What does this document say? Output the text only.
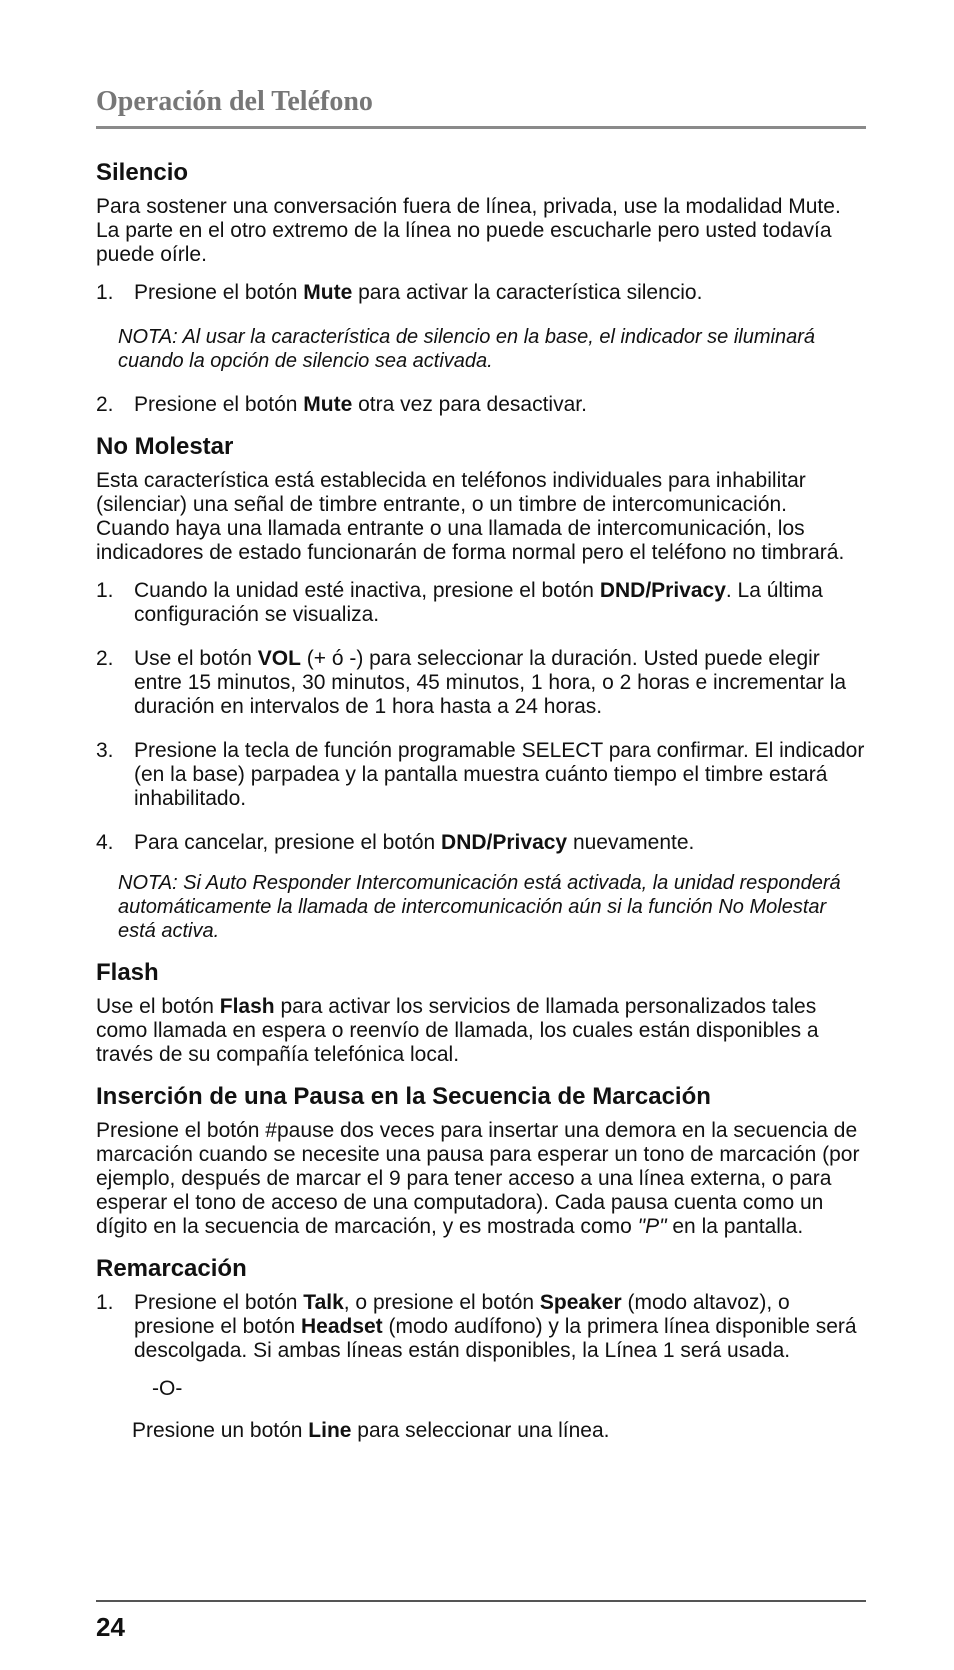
Operación del Teléfono
Silencio

Para sostener una conversación fuera de línea, privada, use la modalidad Mute. La parte en el otro extremo de la línea no puede escucharle pero usted todavía puede oírle.

1. Presione el botón Mute para activar la característica silencio.

NOTA: Al usar la característica de silencio en la base, el indicador se iluminará cuando la opción de silencio sea activada.

2. Presione el botón Mute otra vez para desactivar.
No Molestar

Esta característica está establecida en teléfonos individuales para inhabilitar (silenciar) una señal de timbre entrante, o un timbre de intercomunicación. Cuando haya una llamada entrante o una llamada de intercomunicación, los indicadores de estado funcionarán de forma normal pero el teléfono no timbrará.

1. Cuando la unidad esté inactiva, presione el botón DND/Privacy. La última configuración se visualiza.
2. Use el botón VOL (+ ó -) para seleccionar la duración. Usted puede elegir entre 15 minutos, 30 minutos, 45 minutos, 1 hora, o 2 horas e incrementar la duración en intervalos de 1 hora hasta a 24 horas.
3. Presione la tecla de función programable SELECT para confirmar. El indicador (en la base) parpadea y la pantalla muestra cuánto tiempo el timbre estará inhabilitado.
4. Para cancelar, presione el botón DND/Privacy nuevamente.

NOTA: Si Auto Responder Intercomunicación está activada, la unidad responderá automáticamente la llamada de intercomunicación aún si la función No Molestar está activa.

Flash

Use el botón Flash para activar los servicios de llamada personalizados tales como llamada en espera o reenvío de llamada, los cuales están disponibles a través de su compañía telefónica local.

Inserción de una Pausa en la Secuencia de Marcación

Presione el botón #pause dos veces para insertar una demora en la secuencia de marcación cuando se necesite una pausa para esperar un tono de marcación (por ejemplo, después de marcar el 9 para tener acceso a una línea externa, o para esperar el tono de acceso de una computadora). Cada pausa cuenta como un dígito en la secuencia de marcación, y es mostrada como "P" en la pantalla.

Remarcación
1. Presione el botón Talk, o presione el botón Speaker (modo altavoz), o presione el botón Headset (modo audífono) y la primera línea disponible será descolgada. Si ambas líneas están disponibles, la Línea 1 será usada.
-O-
Presione un botón Line para seleccionar una línea.
24
